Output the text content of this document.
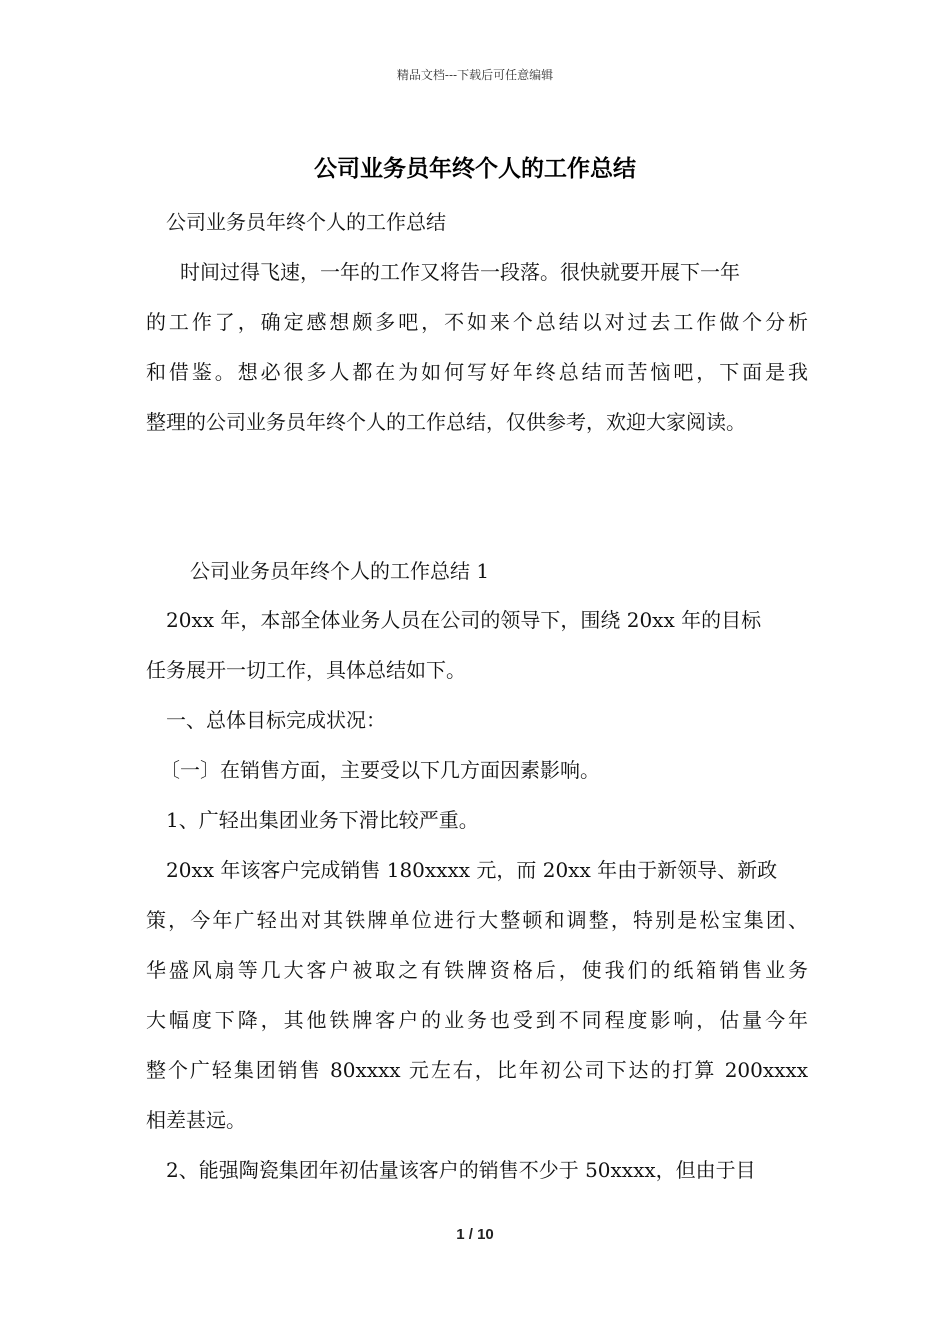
精品文档---下载后可任意编辑
公司业务员年终个人的工作总结
公司业务员年终个人的工作总结
时间过得飞速，一年的工作又将告一段落。很快就要开展下一年
的工作了，确定感想颇多吧，不如来个总结以对过去工作做个分析
和借鉴。想必很多人都在为如何写好年终总结而苦恼吧，下面是我
整理的公司业务员年终个人的工作总结，仅供参考，欢迎大家阅读。
公司业务员年终个人的工作总结 1
20xx 年，本部全体业务人员在公司的领导下，围绕 20xx 年的目标
任务展开一切工作，具体总结如下。
一、总体目标完成状况：
〔一〕在销售方面，主要受以下几方面因素影响。
1、广轻出集团业务下滑比较严重。
20xx 年该客户完成销售 180xxxx 元，而 20xx 年由于新领导、新政
策，今年广轻出对其铁牌单位进行大整顿和调整，特别是松宝集团、
华盛风扇等几大客户被取之有铁牌资格后，使我们的纸箱销售业务
大幅度下降，其他铁牌客户的业务也受到不同程度影响，估量今年
整个广轻集团销售 80xxxx 元左右，比年初公司下达的打算 200xxxx
相差甚远。
2、能强陶瓷集团年初估量该客户的销售不少于 50xxxx，但由于目
1 / 10
